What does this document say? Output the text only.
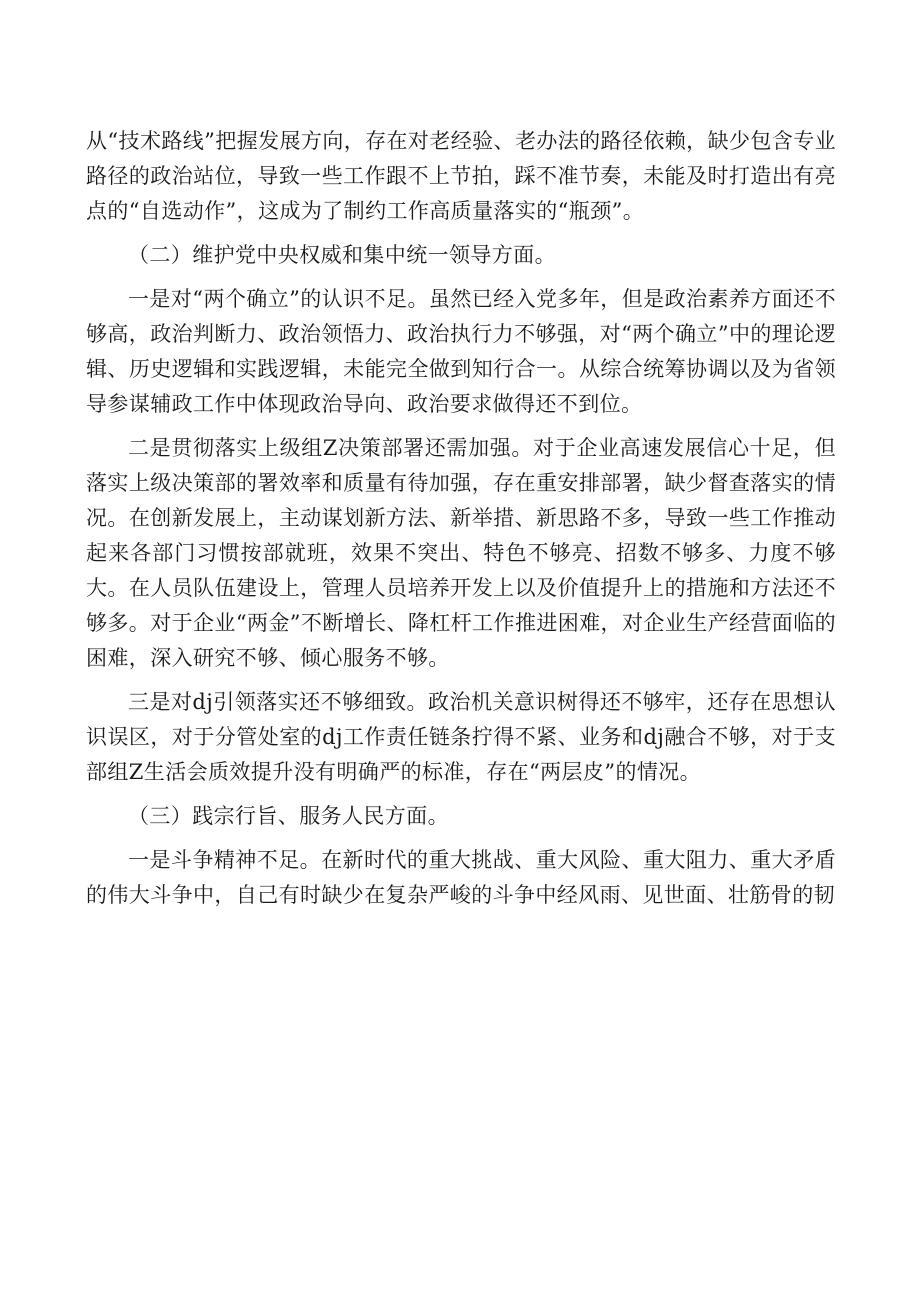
从“技术路线”把握发展方向，存在对老经验、老办法的路径依赖，缺少包含专业路径的政治站位，导致一些工作跟不上节拍，踩不准节奏，未能及时打造出有亮点的“自选动作”，这成为了制约工作高质量落实的“瓶颈”。

（二）维护党中央权威和集中统一领导方面。

一是对“两个确立”的认识不足。虽然已经入党多年，但是政治素养方面还不够高，政治判断力、政治领悟力、政治执行力不够强，对“两个确立”中的理论逻辑、历史逻辑和实践逻辑，未能完全做到知行合一。从综合统筹协调以及为省领导参谋辅政工作中体现政治导向、政治要求做得还不到位。

二是贯彻落实上级组Z决策部署还需加强。对于企业高速发展信心十足，但落实上级决策部的署效率和质量有待加强，存在重安排部署，缺少督查落实的情况。在创新发展上，主动谋划新方法、新举措、新思路不多，导致一些工作推动起来各部门习惯按部就班，效果不突出、特色不够亮、招数不够多、力度不够大。在人员队伍建设上，管理人员培养开发上以及价值提升上的措施和方法还不够多。对于企业“两金”不断增长、降杠杆工作推进困难，对企业生产经营面临的困难，深入研究不够、倾心服务不够。

三是对dj引领落实还不够细致。政治机关意识树得还不够牢，还存在思想认识误区，对于分管处室的dj工作责任链条拧得不紧、业务和dj融合不够，对于支部组Z生活会质效提升没有明确严的标准，存在“两层皮”的情况。

（三）践宗行旨、服务人民方面。

一是斗争精神不足。在新时代的重大挑战、重大风险、重大阻力、重大矛盾的伟大斗争中，自己有时缺少在复杂严峻的斗争中经风雨、见世面、壮筋骨的韧
